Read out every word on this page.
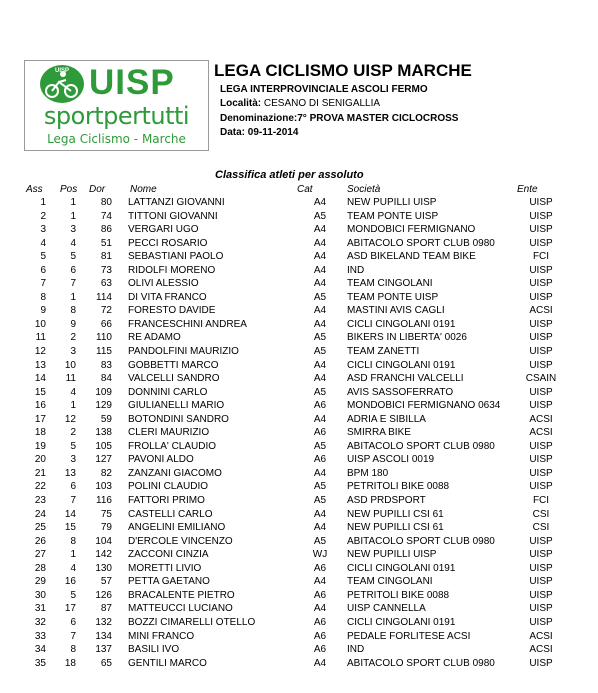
UISP UISP
sportpertutti
Lega Ciclismo - Marche
LEGA CICLISMO UISP MARCHE
LEGA INTERPROVINCIALE ASCOLI FERMO
Località: CESANO DI SENIGALLIA
Denominazione:7° PROVA MASTER CICLOCROSS
Data: 09-11-2014
Classifica atleti per assoluto
Ass Pos Dor Nome	Cat	Società	Ente
1	1	80 LATTANZI GIOVANNI	A4 NEW PUPILLI UISP	UISP
2	1	74 TITTONI GIOVANNI	A5 TEAM PONTE UISP	UISP
3	3	86 VERGARI UGO	A4 MONDOBICI FERMIGNANO	UISP
4	4	51 PECCI ROSARIO	A4 ABITACOLO SPORT CLUB 0980	UISP
5	5	81 SEBASTIANI PAOLO	A4 ASD BIKELAND TEAM BIKE	FCI
6	6	73 RIDOLFI MORENO	A4 IND	UISP
7	7	63 OLIVI ALESSIO	A4 TEAM CINGOLANI	UISP
8	1	114 DI VITA FRANCO	A5 TEAM PONTE UISP	UISP
9	8	72 FORESTO DAVIDE	A4 MASTINI AVIS CAGLI	ACSI
10	9	66 FRANCESCHINI ANDREA	A4 CICLI CINGOLANI 0191	UISP
11	2	110 RE ADAMO	A5 BIKERS IN LIBERTA' 0026	UISP
12	3	115 PANDOLFINI MAURIZIO	A5 TEAM ZANETTI	UISP
13	10	83 GOBBETTI MARCO	A4 CICLI CINGOLANI 0191	UISP
14	11	84 VALCELLI SANDRO	A4 ASD FRANCHI VALCELLI	CSAIN
15	4	109 DONNINI CARLO	A5 AVIS SASSOFERRATO	UISP
16	1	129 GIULIANELLI MARIO	A6 MONDOBICI FERMIGNANO 0634	UISP
17	12	59 BOTONDINI SANDRO	A4 ADRIA E SIBILLA	ACSI
18	2	138 CLERI MAURIZIO	A6 SMIRRA BIKE	ACSI
19	5	105 FROLLA' CLAUDIO	A5 ABITACOLO SPORT CLUB 0980	UISP
20	3	127 PAVONI ALDO	A6 UISP ASCOLI 0019	UISP
21	13	82 ZANZANI GIACOMO	A4 BPM 180	UISP
22	6	103 POLINI CLAUDIO	A5 PETRITOLI BIKE 0088	UISP
23	7	116 FATTORI PRIMO	A5 ASD PRDSPORT	FCI
24	14	75 CASTELLI CARLO	A4 NEW PUPILLI CSI 61	CSI
25	15	79 ANGELINI EMILIANO	A4 NEW PUPILLI CSI 61	CSI
26	8	104 D'ERCOLE VINCENZO	A5 ABITACOLO SPORT CLUB 0980	UISP
27	1	142 ZACCONI CINZIA	WJ NEW PUPILLI UISP	UISP
28	4	130 MORETTI LIVIO	A6 CICLI CINGOLANI 0191	UISP
29	16	57 PETTA GAETANO	A4 TEAM CINGOLANI	UISP
30	5	126 BRACALENTE PIETRO	A6 PETRITOLI BIKE 0088	UISP
31	17	87 MATTEUCCI LUCIANO	A4 UISP CANNELLA	UISP
32	6	132 BOZZI CIMARELLI OTELLO	A6 CICLI CINGOLANI 0191	UISP
33	7	134 MINI FRANCO	A6 PEDALE FORLITESE ACSI	ACSI
34	8	137 BASILI IVO	A6 IND	ACSI
35	18	65 GENTILI MARCO	A4 ABITACOLO SPORT CLUB 0980	UISP
